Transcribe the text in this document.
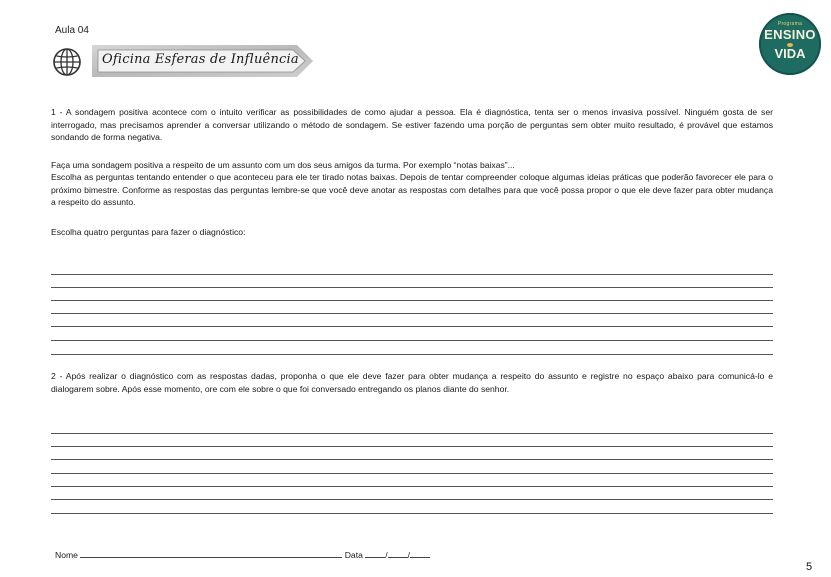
Aula 04
Oficina Esferas de Influência
Programa
ENSINO
VIDA
1 - A sondagem positiva acontece com o intuito verificar as possibilidades de como ajudar a pessoa. Ela é diagnóstica, tenta ser o menos invasiva possível. Ninguém gosta de ser interrogado, mas precisamos aprender a conversar utilizando o método de sondagem. Se estiver fazendo uma porção de perguntas sem obter muito resultado, é provável que estamos sondando de forma negativa.
Faça uma sondagem positiva a respeito de um assunto com um dos seus amigos da turma. Por exemplo “notas baixas”...
Escolha as perguntas tentando entender o que aconteceu para ele ter tirado notas baixas. Depois de tentar compreender coloque algumas ideias práticas que poderão favorecer ele para o próximo bimestre. Conforme as respostas das perguntas lembre-se que você deve anotar as respostas com detalhes para que você possa propor o que ele deve fazer para obter mudança a respeito do assunto.
Escolha quatro perguntas para fazer o diagnóstico:
2 - Após realizar o diagnóstico com as respostas dadas, proponha o que ele deve fazer para obter mudança a respeito do assunto e registre no espaço abaixo para comunicá-lo e dialogarem sobre. Após esse momento, ore com ele sobre o que foi conversado entregando os planos diante do senhor.
Nome	Data	/ /
5
